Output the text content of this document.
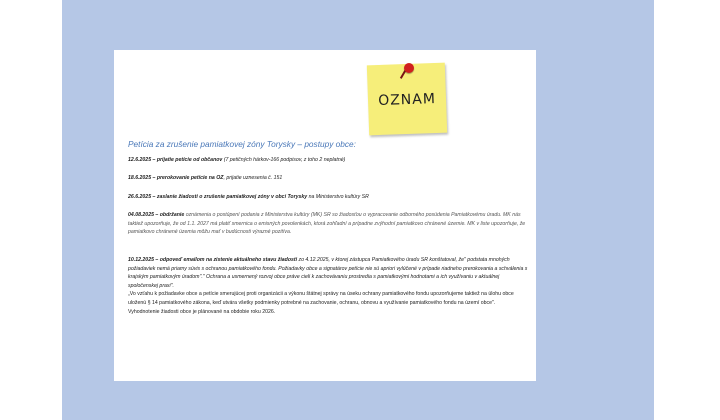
OZNAM
Petícia za zrušenie pamiatkovej zóny Torysky – postupy obce:
12.6.2025 – prijatie petície od občanov (7 petičných hárkov-166 podpisov, z toho 2 neplatné)
18.6.2025 – prerokovanie petície na OZ, prijatie uznesenia č. 151
26.6.2025 – zaslanie žiadosti o zrušenie pamiatkovej zóny v obci Torysky na Ministerstvo kultúry SR
04.08.2025 – obdržanie oznámenia o postúpení podania z Ministerstva kultúry (MK) SR so žiadosťou o vypracovanie odborného posúdenia Pamiatkovému úradu. MK nás taktiež upozorňuje, že od 1.1. 2027 má platiť smernica o emisných povolenkách, ktorá zohľadní a prípadne zvýhodní pamiatkovo chránené územie. MK v liste upozorňuje, že pamiatkovo chránené územia môžu mať v budúcnosti výrazné pozitíva.
10.12.2025 – odpoveď emailom na zistenie aktuálneho stavu žiadosti zo 4.12.2025, v ktorej zástupca Pamiatkového úradu SR konštatoval, že" podstata mnohých požiadaviek nemá priamy súvis s ochranou pamiatkového fondu. Požiadavky obce a signatárov petície nie sú apriori vylúčené v prípade riadneho prerokovania a schválenia s krajským pamiatkovým úradom"." Ochrana a usmernený rozvoj obce práve cieli k zachovávaniu prostredia s pamiatkovými hodnotami a ich využívaniu v aktuálnej spoločenskej praxi".
„Vo vzťahu k požiadavke obce a petície smerujúcej proti organizácii a výkonu štátnej správy na úseku ochrany pamiatkového fondu upozorňujeme taktiež na úlohu obce uloženú § 14 pamiatkového zákona, keď utvára všetky podmienky potrebné na zachovanie, ochranu, obnovu a využívanie pamiatkového fondu na území obce".
Vyhodnotenie žiadosti obce je plánované na obdobie roku 2026.
